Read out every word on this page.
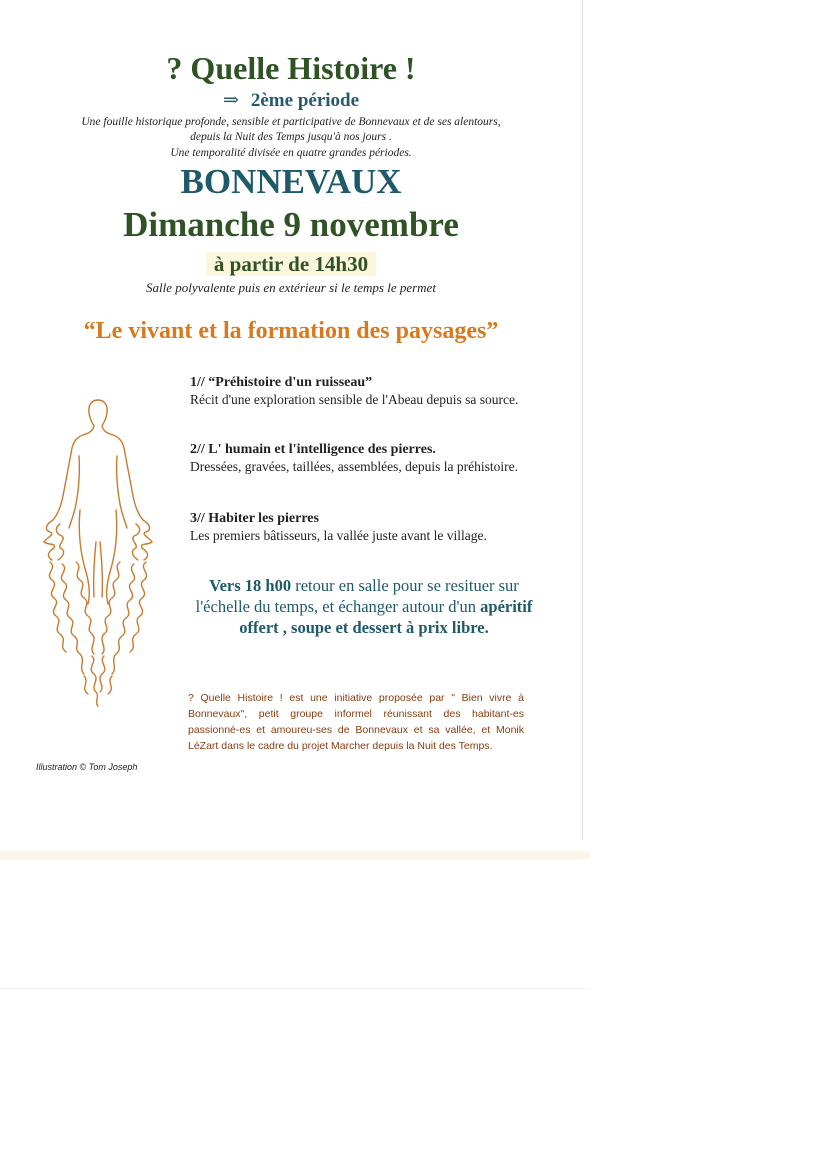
? Quelle Histoire !
⇒ 2ème période
Une fouille historique profonde, sensible et participative de Bonnevaux et de ses alentours,
depuis la Nuit des Temps jusqu'à nos jours .
Une temporalité divisée en quatre grandes périodes.
BONNEVAUX
Dimanche 9 novembre
à partir de 14h30
Salle polyvalente puis en extérieur si le temps le permet
“Le vivant et la formation des paysages”
1// “Préhistoire d'un ruisseau”
Récit d'une exploration sensible de l'Abeau depuis sa source.
2// L' humain et l'intelligence des pierres.
Dressées, gravées, taillées, assemblées, depuis la préhistoire.
3// Habiter les pierres
Les premiers bâtisseurs, la vallée juste avant le village.
Vers 18 h00 retour en salle pour se resituer sur l'échelle du temps, et échanger autour d'un apéritif offert , soupe et dessert à prix libre.
? Quelle Histoire ! est une initiative proposée par " Bien vivre à Bonnevaux", petit groupe informel réunissant des habitant-es passionné-es et amoureu-ses de Bonnevaux et sa vallée, et Monik LéZart dans le cadre du projet Marcher depuis la Nuit des Temps.
Illustration © Tom Joseph
